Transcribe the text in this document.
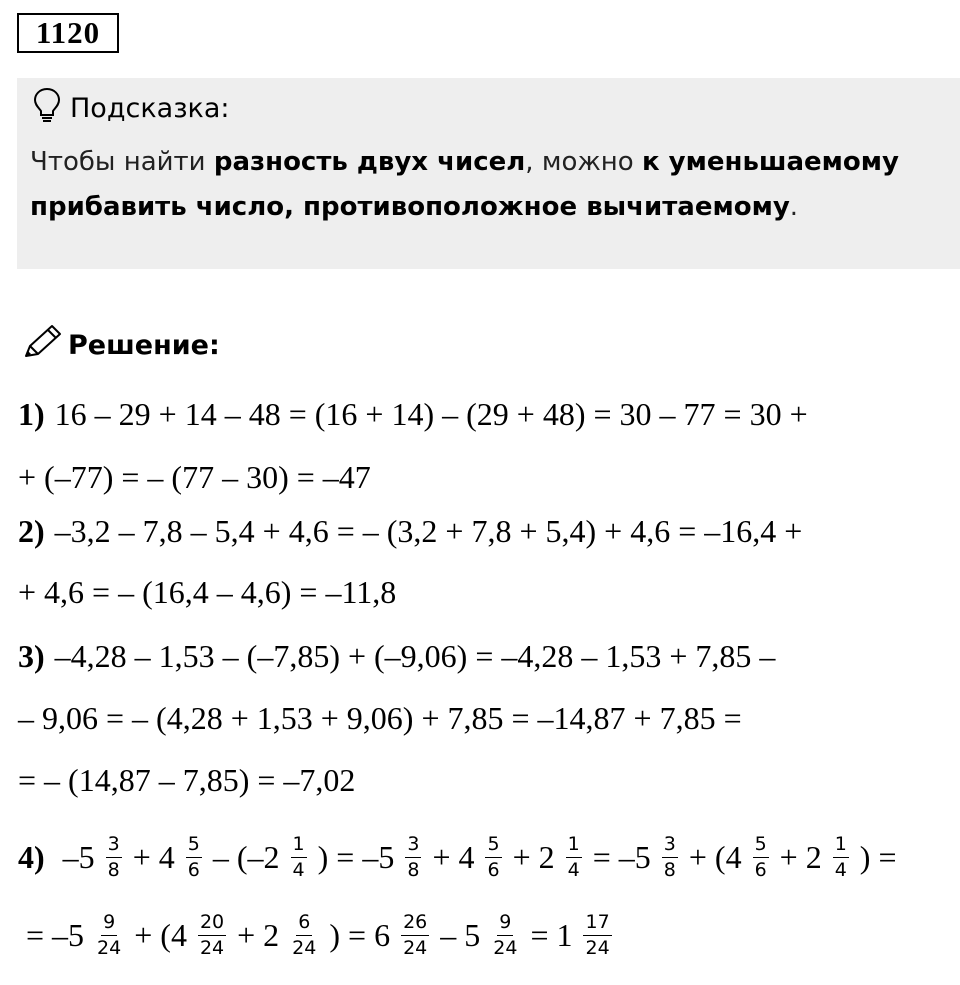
1120
Подсказка:
Чтобы найти разность двух чисел, можно к уменьшаемому
прибавить число, противоположное вычитаемому.
Решение:
1) 16 – 29 + 14 – 48 = (16 + 14) – (29 + 48) = 30 – 77 = 30 +
+ (–77) = – (77 – 30) = –47
2) –3,2 – 7,8 – 5,4 + 4,6 = – (3,2 + 7,8 + 5,4) + 4,6 = –16,4 +
+ 4,6 = – (16,4 – 4,6) = –11,8
3) –4,28 – 1,53 – (–7,85) + (–9,06) = –4,28 – 1,53 + 7,85 –
– 9,06 = – (4,28 + 1,53 + 9,06) + 7,85 = –14,87 + 7,85 =
= – (14,87 – 7,85) = –7,02
4) $-5 \frac{3}{8} + 4 \frac{5}{6} - (-2 \frac{1}{4}$ ) = $-5 \frac{3}{8} + 4 \frac{5}{6} + 2 \frac{1}{4} = -5 \frac{3}{8} + (4 \frac{5}{6} + 2 \frac{1}{4}$ ) =
= $-5 \frac{9}{24} + (4 \frac{20}{24} + 2 \frac{6}{24}$ ) = $6 \frac{26}{24} - 5 \frac{9}{24} = 1 \frac{17}{24}$
